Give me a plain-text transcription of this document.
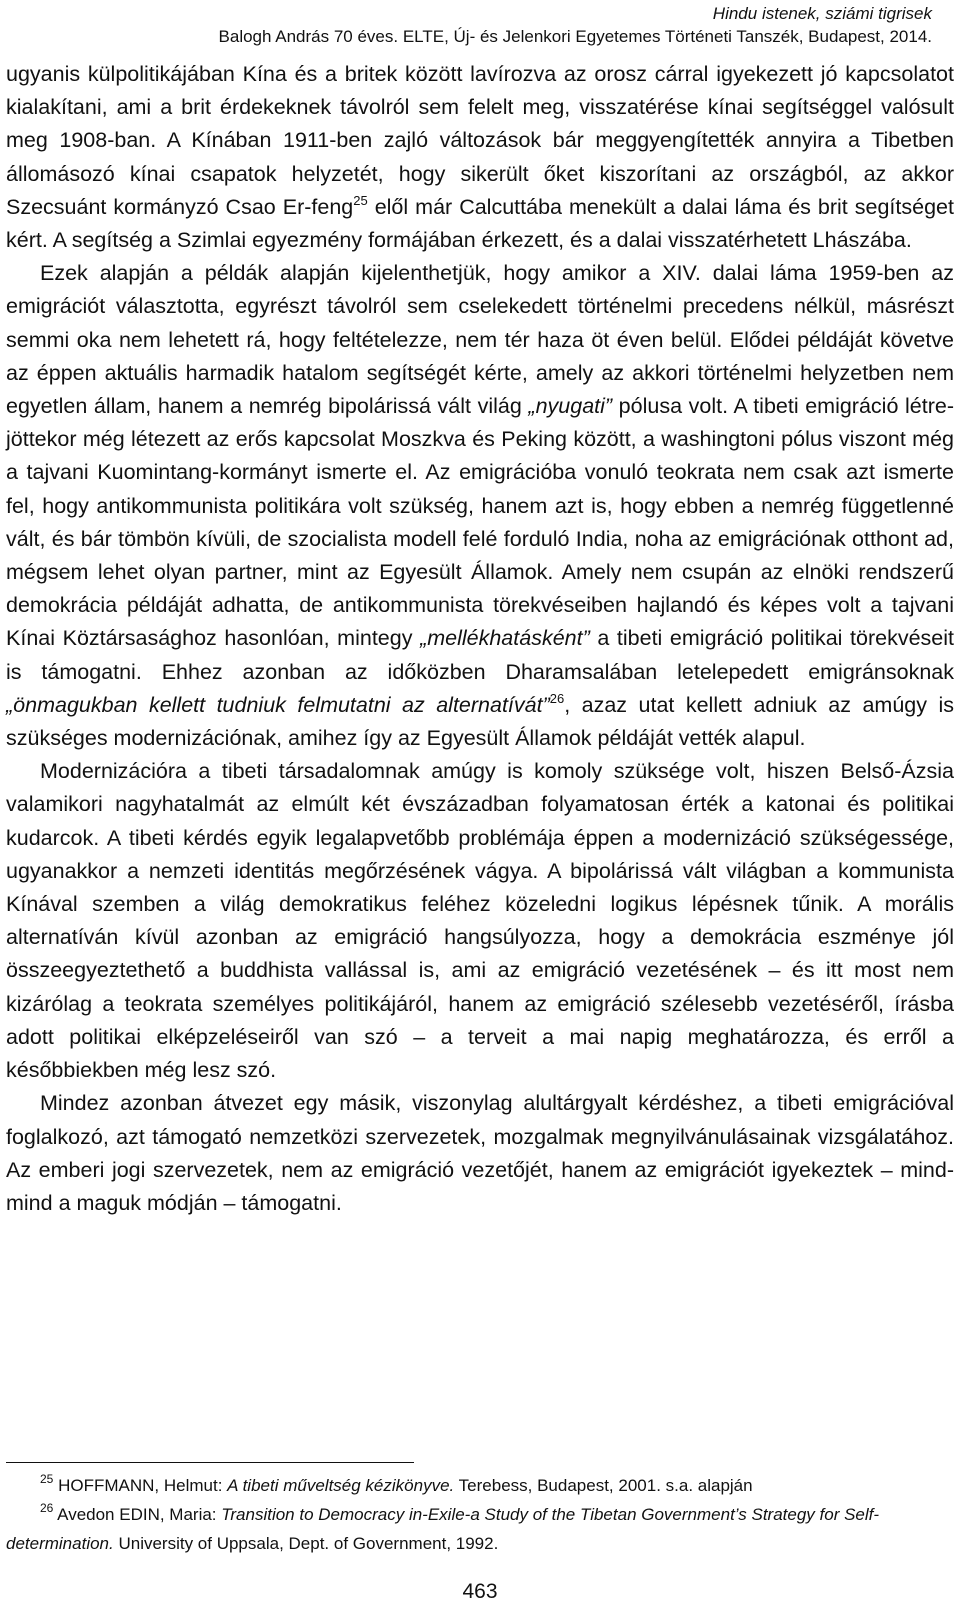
Hindu istenek, sziámi tigrisek
Balogh András 70 éves. ELTE, Új- és Jelenkori Egyetemes Történeti Tanszék, Budapest, 2014.

ugyanis külpolitikájában Kína és a britek között lavírozva az orosz cárral igyekezett jó kapcsolatot kialakítani, ami a brit érdekeknek távolról sem felelt meg, visszatérése kínai segítséggel valósult meg 1908-ban. A Kínában 1911-ben zajló változások bár meggyengítették annyira a Tibetben állomásozó kínai csapatok helyzetét, hogy sikerült őket kiszorítani az országból, az akkor Szecsuánt kormányzó Csao Er-feng$^{25}$ elől már Calcuttába menekült a dalai láma és brit segítséget kért. A segítség a Szimlai egyezmény formájában érkezett, és a dalai visszatérhetett Lhászába.

Ezek alapján a példák alapján kijelenthetjük, hogy amikor a XIV. dalai láma 1959-ben az emigrációt választotta, egyrészt távolról sem cselekedett történelmi precedens nélkül, másrészt semmi oka nem lehetett rá, hogy feltételezze, nem tér haza öt éven belül. Elődei példáját követve az éppen aktuális harmadik hatalom segítségét kérte, amely az akkori történelmi helyzetben nem egyetlen állam, hanem a nemrég bipolárissá vált világ „nyugati” pólusa volt. A tibeti emigráció létrejöttekor még létezett az erős kapcsolat Moszkva és Peking között, a washingtoni pólus viszont még a tajvani Kuomintang-kormányt ismerte el. Az emigrációba vonuló teokrata nem csak azt ismerte fel, hogy antikommunista politikára volt szükség, hanem azt is, hogy ebben a nemrég függetlenné vált, és bár tömbön kívüli, de szocialista modell felé forduló India, noha az emigrációnak otthont ad, mégsem lehet olyan partner, mint az Egyesült Államok. Amely nem csupán az elnöki rendszerű demokrácia példáját adhatta, de antikommunista törekvéseiben hajlandó és képes volt a tajvani Kínai Köztársasághoz hasonlóan, mintegy „mellékhatásként” a tibeti emigráció politikai törekvéseit is támogatni. Ehhez azonban az időközben Dharamsalában letelepedett emigránsoknak „önmagukban kellett tudniuk felmutatni az alternatívát”$^{26}$, azaz utat kellett adniuk az amúgy is szükséges modernizációnak, amihez így az Egyesült Államok példáját vették alapul.

Modernizációra a tibeti társadalomnak amúgy is komoly szüksége volt, hiszen Belső-Ázsia valamikori nagyhatalmát az elmúlt két évszázadban folyamatosan érték a katonai és politikai kudarcok. A tibeti kérdés egyik legalapvetőbb problémája éppen a modernizáció szükségessége, ugyanakkor a nemzeti identitás megőrzésének vágya. A bipolárissá vált világban a kommunista Kínával szemben a világ demokratikus feléhez közeledni logikus lépésnek tűnik. A morális alternatíván kívül azonban az emigráció hangsúlyozza, hogy a demokrácia eszménye jól összeegyeztethető a buddhista vallással is, ami az emigráció vezetésének – és itt most nem kizárólag a teokrata személyes politikájáról, hanem az emigráció szélesebb vezetéséről, írásba adott politikai elképzeléseiről van szó – a terveit a mai napig meghatározza, és erről a későbbiekben még lesz szó.

Mindez azonban átvezet egy másik, viszonylag alultárgyalt kérdéshez, a tibeti emigrációval foglalkozó, azt támogató nemzetközi szervezetek, mozgalmak megnyilvánulásainak vizsgálatához. Az emberi jogi szervezetek, nem az emigráció vezetőjét, hanem az emigrációt igyekeztek – mind-mind a maguk módján – támogatni.

$^{25}$ HOFFMANN, Helmut: A tibeti műveltség kézikönyve. Terebess, Budapest, 2001. s.a. alapján

$^{26}$ Avedon EDIN, Maria: Transition to Democracy in-Exile-a Study of the Tibetan Government’s Strategy for Self-determination. University of Uppsala, Dept. of Government, 1992.

463
